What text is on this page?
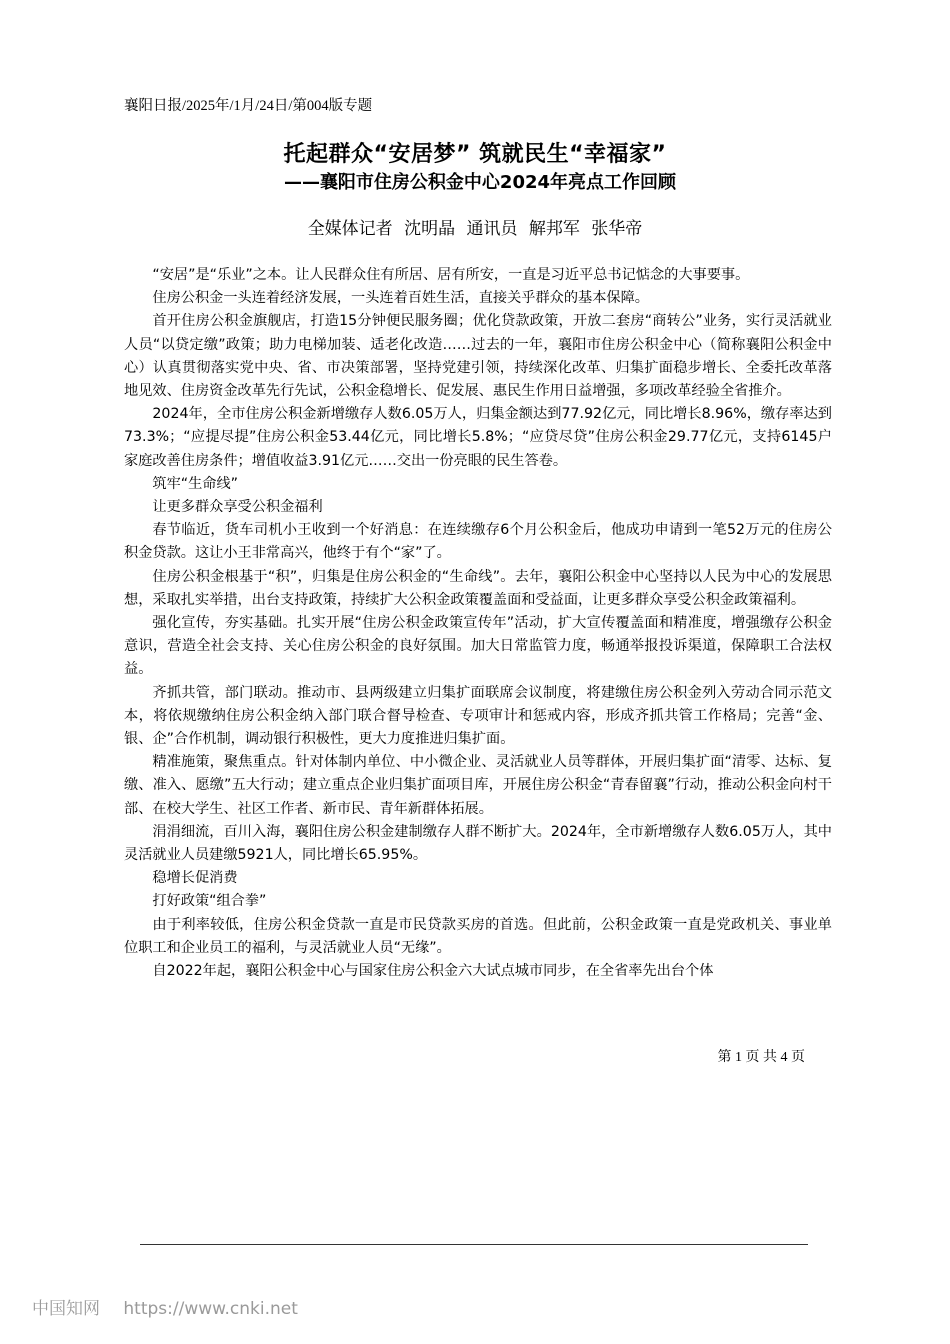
襄阳日报/2025年/1月/24日/第004版专题
托起群众“安居梦” 筑就民生“幸福家”
——襄阳市住房公积金中心2024年亮点工作回顾
全媒体记者 沈明晶 通讯员 解邦军 张华帝

“安居”是“乐业”之本。让人民群众住有所居、居有所安，一直是习近平总书记惦念的大事要事。

住房公积金一头连着经济发展，一头连着百姓生活，直接关乎群众的基本保障。

首开住房公积金旗舰店，打造15分钟便民服务圈；优化贷款政策，开放二套房“商转公”业务，实行灵活就业人员“以贷定缴”政策；助力电梯加装、适老化改造……过去的一年，襄阳市住房公积金中心（简称襄阳公积金中心）认真贯彻落实党中央、省、市决策部署，坚持党建引领，持续深化改革、归集扩面稳步增长、全委托改革落地见效、住房资金改革先行先试，公积金稳增长、促发展、惠民生作用日益增强，多项改革经验全省推介。

2024年，全市住房公积金新增缴存人数6.05万人，归集金额达到77.92亿元，同比增长8.96%，缴存率达到73.3%；“应提尽提”住房公积金53.44亿元，同比增长5.8%；“应贷尽贷”住房公积金29.77亿元，支持6145户家庭改善住房条件；增值收益3.91亿元……交出一份亮眼的民生答卷。

筑牢“生命线”

让更多群众享受公积金福利

春节临近，货车司机小王收到一个好消息：在连续缴存6个月公积金后，他成功申请到一笔52万元的住房公积金贷款。这让小王非常高兴，他终于有个“家”了。

住房公积金根基于“积”，归集是住房公积金的“生命线”。去年，襄阳公积金中心坚持以人民为中心的发展思想，采取扎实举措，出台支持政策，持续扩大公积金政策覆盖面和受益面，让更多群众享受公积金政策福利。

强化宣传，夯实基础。扎实开展“住房公积金政策宣传年”活动，扩大宣传覆盖面和精准度，增强缴存公积金意识，营造全社会支持、关心住房公积金的良好氛围。加大日常监管力度，畅通举报投诉渠道，保障职工合法权益。

齐抓共管，部门联动。推动市、县两级建立归集扩面联席会议制度，将建缴住房公积金列入劳动合同示范文本，将依规缴纳住房公积金纳入部门联合督导检查、专项审计和惩戒内容，形成齐抓共管工作格局；完善“金、银、企”合作机制，调动银行积极性，更大力度推进归集扩面。

精准施策，聚焦重点。针对体制内单位、中小微企业、灵活就业人员等群体，开展归集扩面“清零、达标、复缴、准入、愿缴”五大行动；建立重点企业归集扩面项目库，开展住房公积金“青春留襄”行动，推动公积金向村干部、在校大学生、社区工作者、新市民、青年新群体拓展。

涓涓细流，百川入海，襄阳住房公积金建制缴存人群不断扩大。2024年，全市新增缴存人数6.05万人，其中灵活就业人员建缴5921人，同比增长65.95%。

稳增长促消费

打好政策“组合拳”

由于利率较低，住房公积金贷款一直是市民贷款买房的首选。但此前，公积金政策一直是党政机关、事业单位职工和企业员工的福利，与灵活就业人员“无缘”。

自2022年起，襄阳公积金中心与国家住房公积金六大试点城市同步，在全省率先出台个体

第 1 页 共 4 页
中国知网 https://www.cnki.net
